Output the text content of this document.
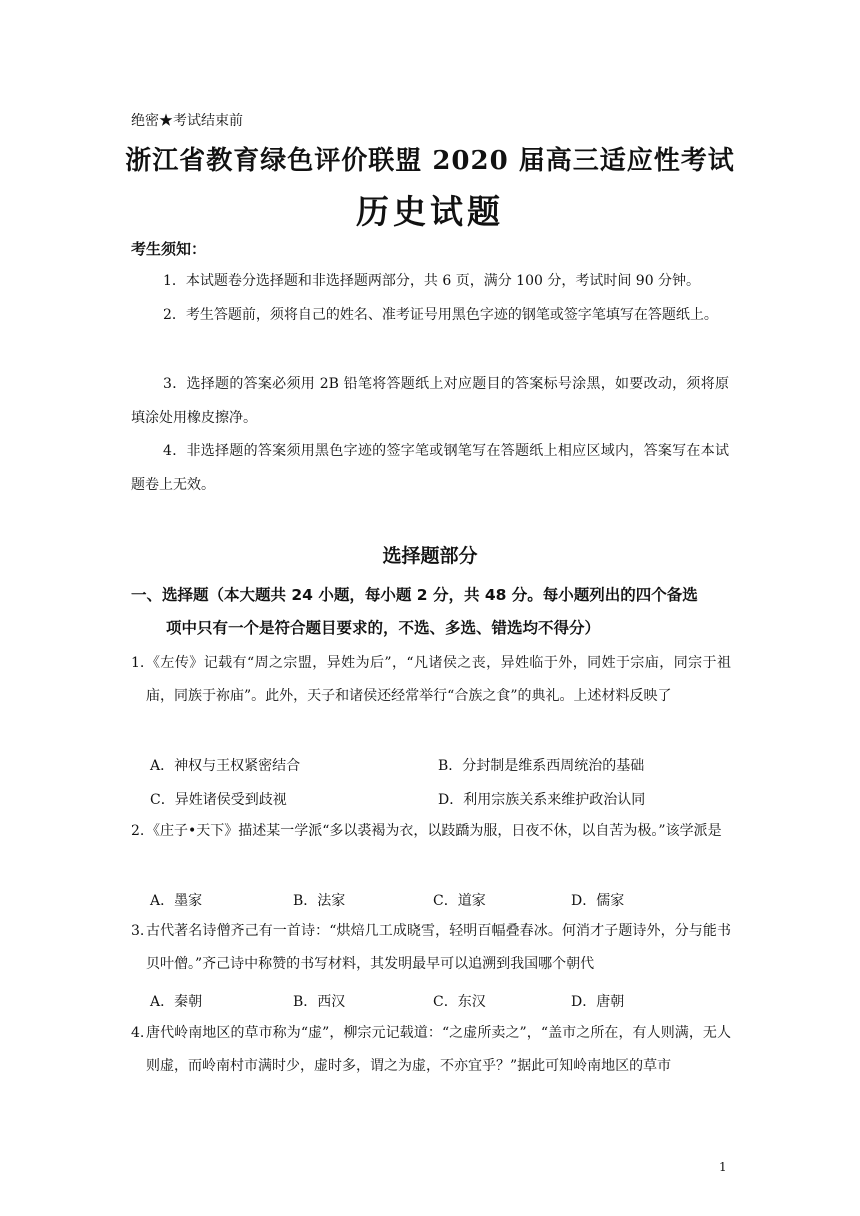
绝密★考试结束前
浙江省教育绿色评价联盟 2020 届高三适应性考试
历史试题
考生须知：
1．本试题卷分选择题和非选择题两部分，共 6 页，满分 100 分，考试时间 90 分钟。
2．考生答题前，须将自己的姓名、准考证号用黑色字迹的钢笔或签字笔填写在答题纸上。
3．选择题的答案必须用 2B 铅笔将答题纸上对应题目的答案标号涂黑，如要改动，须将原填涂处用橡皮擦净。
4．非选择题的答案须用黑色字迹的签字笔或钢笔写在答题纸上相应区域内，答案写在本试题卷上无效。
选择题部分
一、选择题（本大题共 24 小题，每小题 2 分，共 48 分。每小题列出的四个备选
项中只有一个是符合题目要求的，不选、多选、错选均不得分）
1. 《左传》记载有“周之宗盟，异姓为后”，“凡诸侯之丧，异姓临于外，同姓于宗庙，同宗于祖庙，同族于祢庙”。此外，天子和诸侯还经常举行“合族之食”的典礼。上述材料反映了
A．神权与王权紧密结合	B．分封制是维系西周统治的基础
C．异姓诸侯受到歧视	D．利用宗族关系来维护政治认同
2. 《庄子•天下》描述某一学派“多以裘褐为衣，以跂蹻为服，日夜不休，以自苦为极。”该学派是
A．墨家	B．法家	C．道家	D．儒家
3. 古代著名诗僧齐己有一首诗：“烘焙几工成晓雪，轻明百幅叠春冰。何消才子题诗外，分与能书贝叶僧。”齐己诗中称赞的书写材料，其发明最早可以追溯到我国哪个朝代
A．秦朝	B．西汉	C．东汉	D．唐朝
4. 唐代岭南地区的草市称为“虚”，柳宗元记载道：“之虚所卖之”，“盖市之所在，有人则满，无人则虚，而岭南村市满时少，虚时多，谓之为虚，不亦宜乎？”据此可知岭南地区的草市
1
